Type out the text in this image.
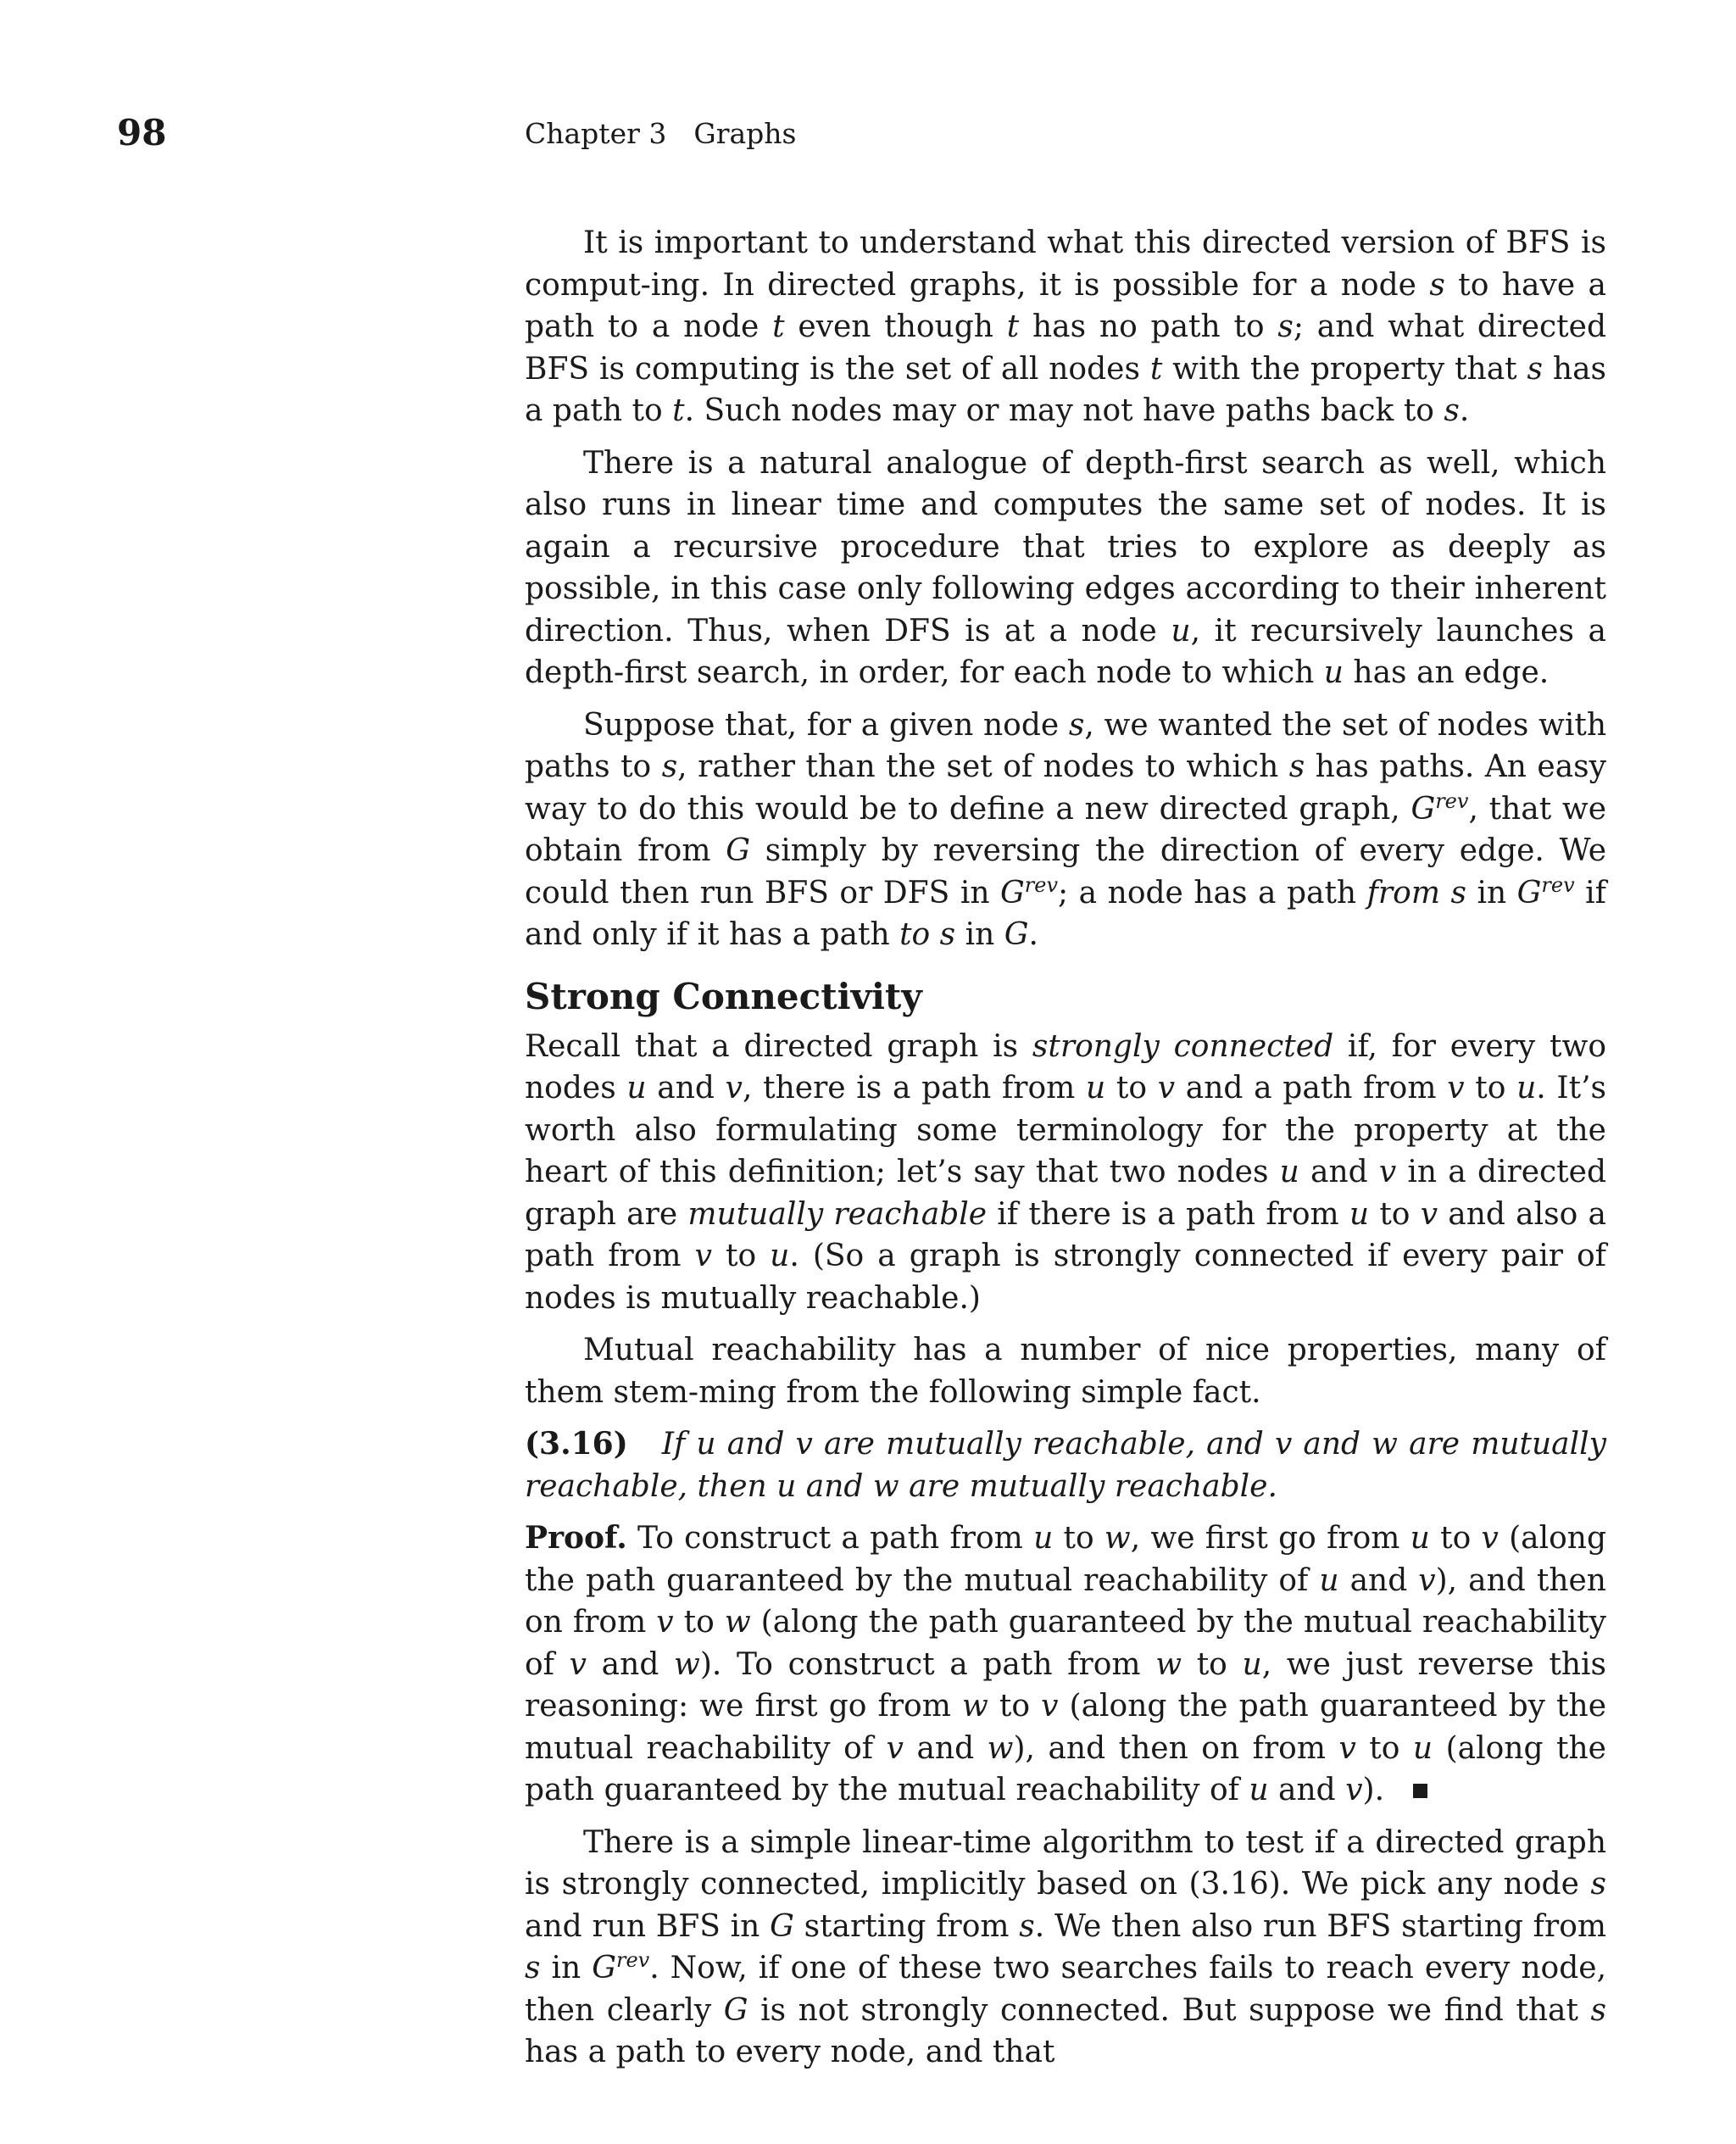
98	Chapter 3 Graphs

It is important to understand what this directed version of BFS is comput-ing. In directed graphs, it is possible for a node s to have a path to a node t even though t has no path to s; and what directed BFS is computing is the set of all nodes t with the property that s has a path to t. Such nodes may or may not have paths back to s.

There is a natural analogue of depth-first search as well, which also runs in linear time and computes the same set of nodes. It is again a recursive procedure that tries to explore as deeply as possible, in this case only following edges according to their inherent direction. Thus, when DFS is at a node u, it recursively launches a depth-first search, in order, for each node to which u has an edge.

Suppose that, for a given node s, we wanted the set of nodes with paths to s, rather than the set of nodes to which s has paths. An easy way to do this would be to define a new directed graph, $G^{rev}$, that we obtain from G simply by reversing the direction of every edge. We could then run BFS or DFS in $G^{rev}$; a node has a path from s in $G^{rev}$ if and only if it has a path to s in G.

Strong Connectivity

Recall that a directed graph is strongly connected if, for every two nodes u and v, there is a path from u to v and a path from v to u. It’s worth also formulating some terminology for the property at the heart of this definition; let’s say that two nodes u and v in a directed graph are mutually reachable if there is a path from u to v and also a path from v to u. (So a graph is strongly connected if every pair of nodes is mutually reachable.)

Mutual reachability has a number of nice properties, many of them stem-ming from the following simple fact.

(3.16) If u and v are mutually reachable, and v and w are mutually reachable, then u and w are mutually reachable.

Proof. To construct a path from u to w, we first go from u to v (along the path guaranteed by the mutual reachability of u and v), and then on from v to w (along the path guaranteed by the mutual reachability of v and w). To construct a path from w to u, we just reverse this reasoning: we first go from w to v (along the path guaranteed by the mutual reachability of v and w), and then on from v to u (along the path guaranteed by the mutual reachability of u and v).

There is a simple linear-time algorithm to test if a directed graph is strongly connected, implicitly based on (3.16). We pick any node s and run BFS in G starting from s. We then also run BFS starting from s in $G^{rev}$. Now, if one of these two searches fails to reach every node, then clearly G is not strongly connected. But suppose we find that s has a path to every node, and that
